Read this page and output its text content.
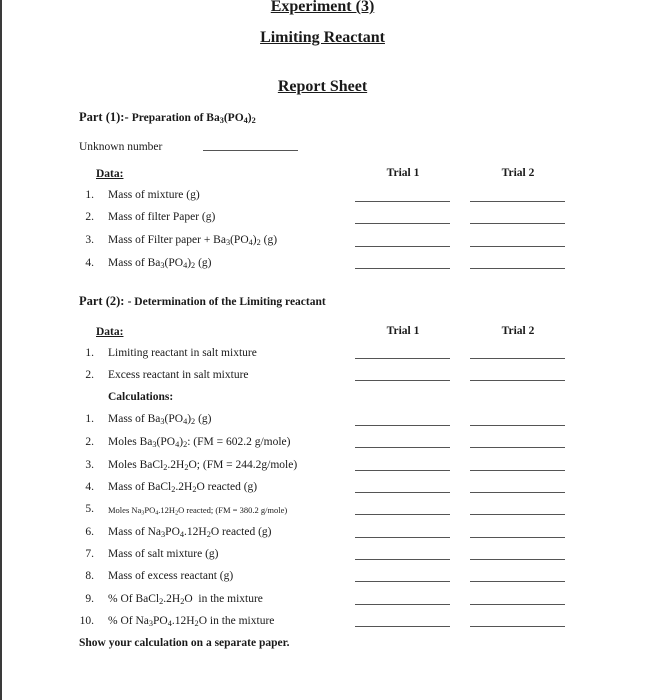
Experiment (3)
Limiting Reactant
Report Sheet
Part (1):- Preparation of $Ba_3(PO_4)_2$
Unknown number
Data:	Trial 1	Trial 2
1. Mass of mixture (g)
2. Mass of filter Paper (g)
3. Mass of Filter paper + $Ba_3(PO_4)_2$ (g)
4. Mass of $Ba_3(PO_4)_2$ (g)
Part (2): - Determination of the Limiting reactant
Data:	Trial 1	Trial 2
1. Limiting reactant in salt mixture
2. Excess reactant in salt mixture
Calculations:
1. Mass of $Ba_3(PO_4)_2$ (g)
2. Moles $Ba_3(PO_4)_2$: (FM = 602.2 g/mole)
3. Moles $BaCl_2.2H_2O$; (FM = 244.2g/mole)
4. Mass of $BaCl_2.2H_2O$ reacted (g)
5. Moles $Na_3PO_4.12H_2O$ reacted; (FM = 380.2 g/mole)
6. Mass of $Na_3PO_4.12H_2O$ reacted (g)
7. Mass of salt mixture (g)
8. Mass of excess reactant (g)
9. % Of $BaCl_2.2H_2O$  in the mixture
10. % Of $Na_3PO_4.12H_2O$ in the mixture
Show your calculation on a separate paper.
